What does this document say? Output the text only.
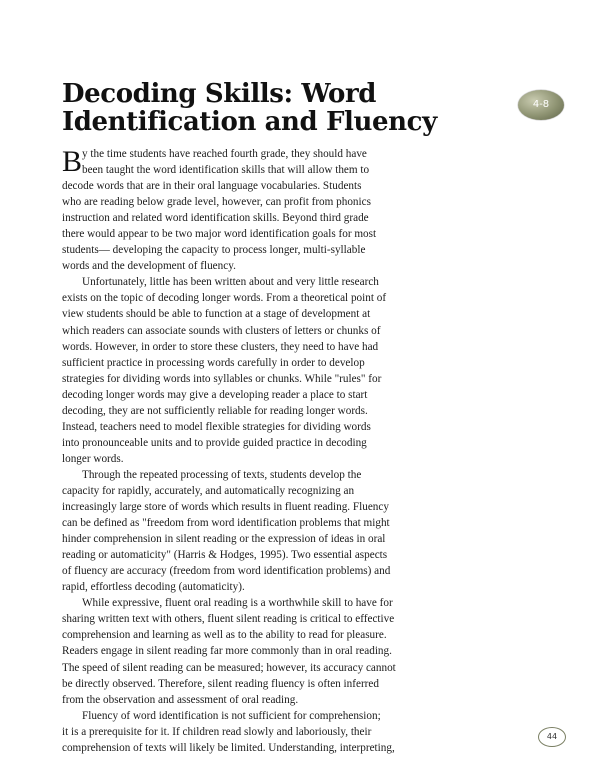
Decoding Skills: Word
Identification and Fluency
4-8
B y the time students have reached fourth grade, they should have
been taught the word identification skills that will allow them to
decode words that are in their oral language vocabularies. Students
who are reading below grade level, however, can profit from phonics
instruction and related word identification skills. Beyond third grade
there would appear to be two major word identification goals for most
students— developing the capacity to process longer, multi-syllable
words and the development of fluency.
Unfortunately, little has been written about and very little research
exists on the topic of decoding longer words. From a theoretical point of
view students should be able to function at a stage of development at
which readers can associate sounds with clusters of letters or chunks of
words. However, in order to store these clusters, they need to have had
sufficient practice in processing words carefully in order to develop
strategies for dividing words into syllables or chunks. While "rules" for
decoding longer words may give a developing reader a place to start
decoding, they are not sufficiently reliable for reading longer words.
Instead, teachers need to model flexible strategies for dividing words
into pronounceable units and to provide guided practice in decoding
longer words.
Through the repeated processing of texts, students develop the
capacity for rapidly, accurately, and automatically recognizing an
increasingly large store of words which results in fluent reading. Fluency
can be defined as "freedom from word identification problems that might
hinder comprehension in silent reading or the expression of ideas in oral
reading or automaticity" (Harris & Hodges, 1995). Two essential aspects
of fluency are accuracy (freedom from word identification problems) and
rapid, effortless decoding (automaticity).
While expressive, fluent oral reading is a worthwhile skill to have for
sharing written text with others, fluent silent reading is critical to effective
comprehension and learning as well as to the ability to read for pleasure.
Readers engage in silent reading far more commonly than in oral reading.
The speed of silent reading can be measured; however, its accuracy cannot
be directly observed. Therefore, silent reading fluency is often inferred
from the observation and assessment of oral reading.
Fluency of word identification is not sufficient for comprehension;
it is a prerequisite for it. If children read slowly and laboriously, their
comprehension of texts will likely be limited. Understanding, interpreting,
44
